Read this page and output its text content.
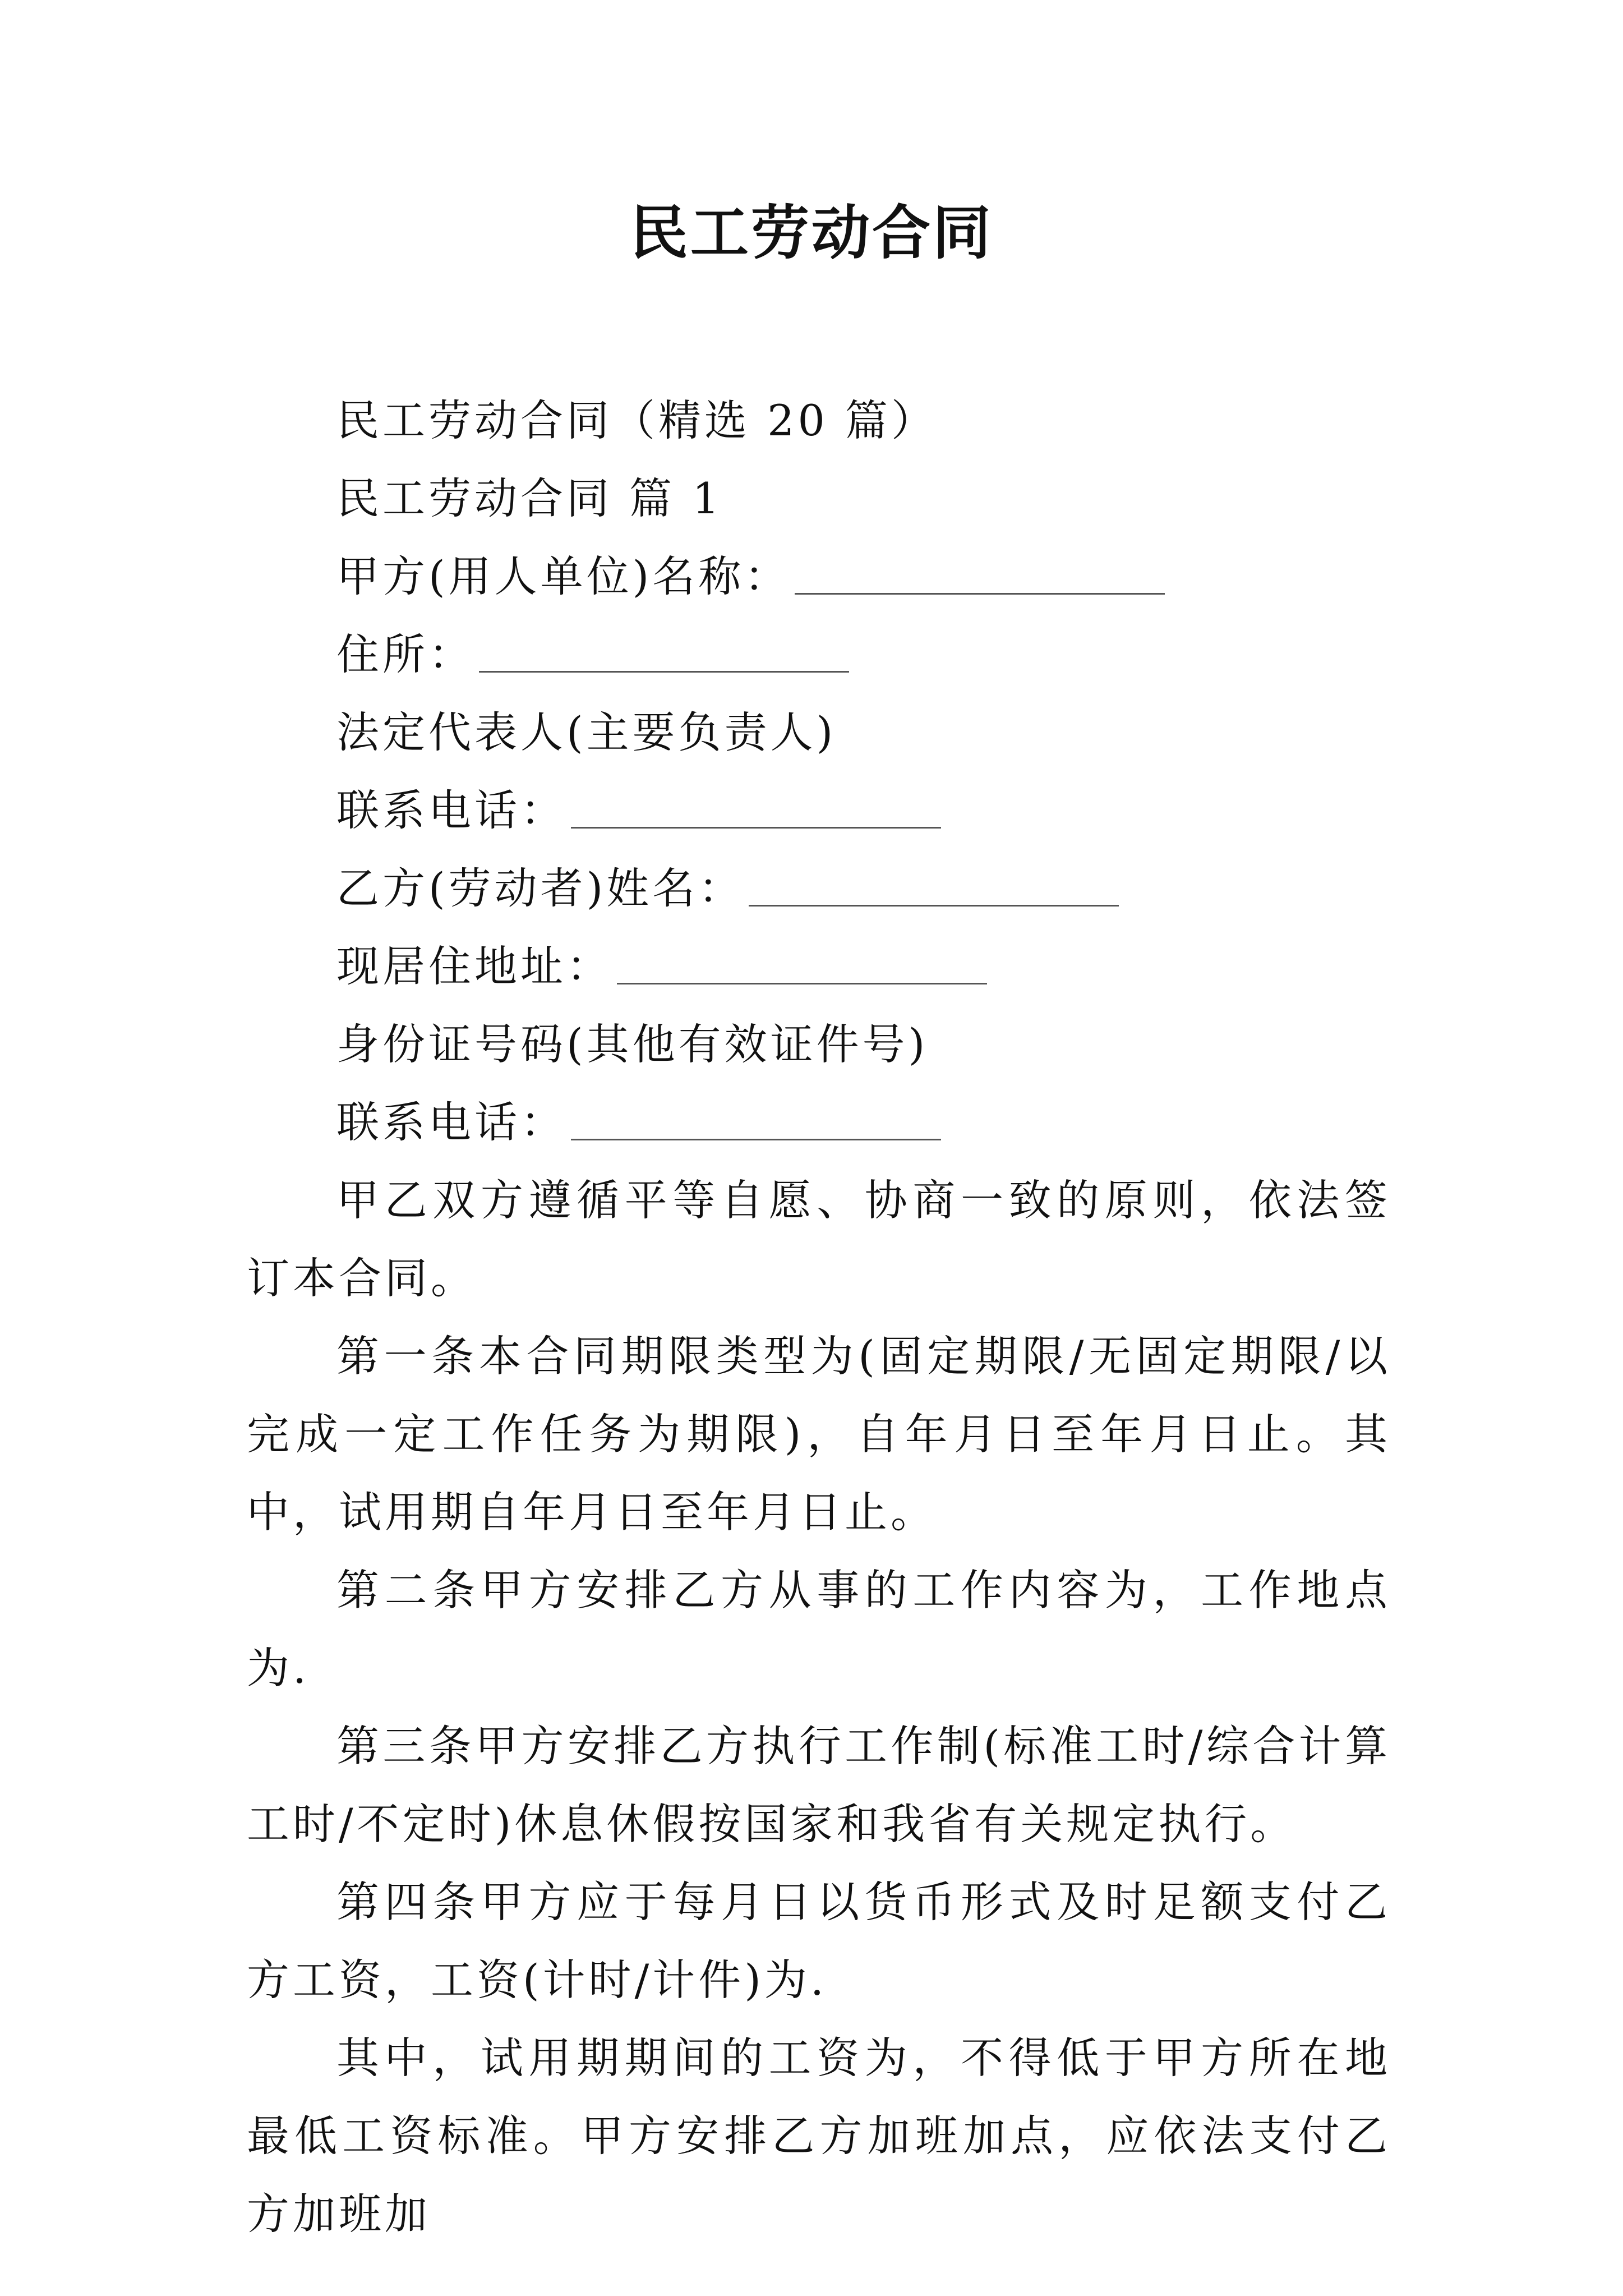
民工劳动合同
民工劳动合同（精选 20 篇）
民工劳动合同 篇 1
甲方(用人单位)名称：
住所：
法定代表人(主要负责人)
联系电话：
乙方(劳动者)姓名：
现居住地址：
身份证号码(其他有效证件号)
联系电话：
甲乙双方遵循平等自愿、协商一致的原则，依法签订本合同。
第一条本合同期限类型为(固定期限/无固定期限/以完成一定工作任务为期限)，自年月日至年月日止。其中，试用期自年月日至年月日止。
第二条甲方安排乙方从事的工作内容为，工作地点为.
第三条甲方安排乙方执行工作制(标准工时/综合计算工时/不定时)休息休假按国家和我省有关规定执行。
第四条甲方应于每月日以货币形式及时足额支付乙方工资，工资(计时/计件)为.
其中，试用期期间的工资为，不得低于甲方所在地最低工资标准。甲方安排乙方加班加点，应依法支付乙方加班加
